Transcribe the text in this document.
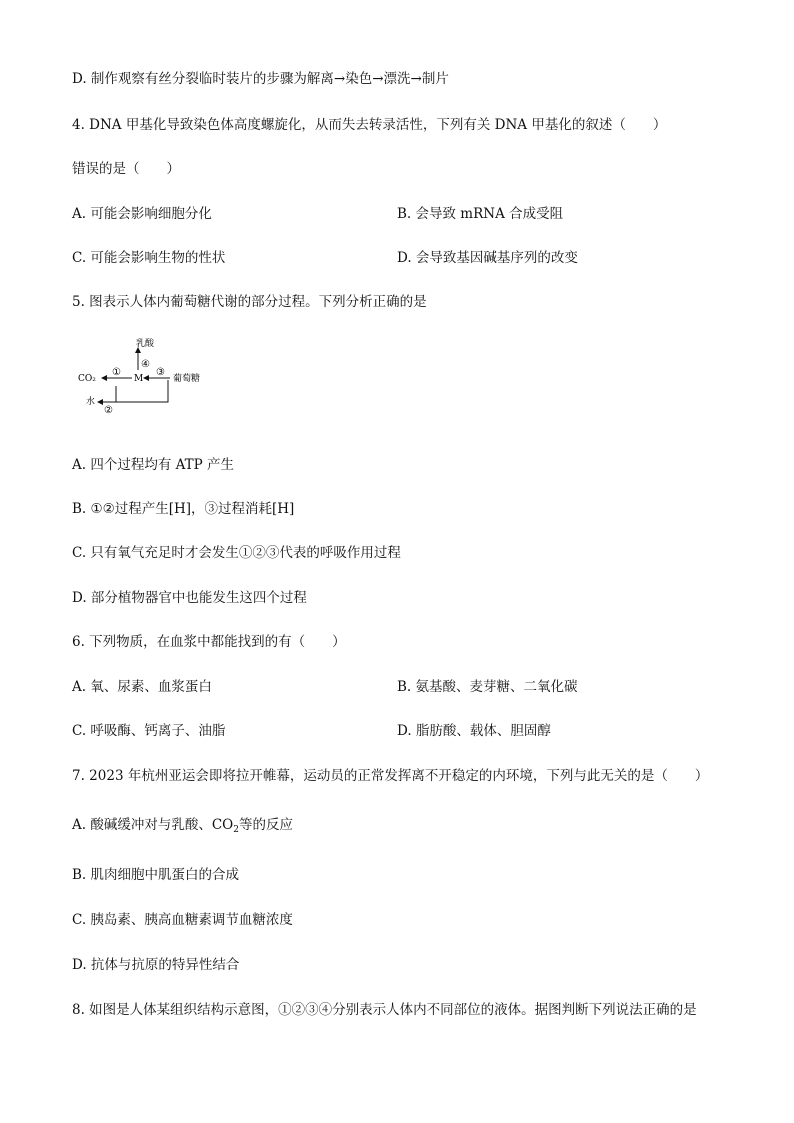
D. 制作观察有丝分裂临时装片的步骤为解离→染色→漂洗→制片
4. DNA 甲基化导致染色体高度螺旋化，从而失去转录活性，下列有关 DNA 甲基化的叙述（　　）
错误的是（　　）
A. 可能会影响细胞分化	B. 会导致 mRNA 合成受阻
C. 可能会影响生物的性状	D. 会导致基因碱基序列的改变
5. 图表示人体内葡萄糖代谢的部分过程。下列分析正确的是
CO₂	M	葡萄糖
乳酸
水
①
②
③
④
A. 四个过程均有 ATP 产生
B. ①②过程产生[H]，③过程消耗[H]
C. 只有氧气充足时才会发生①②③代表的呼吸作用过程
D. 部分植物器官中也能发生这四个过程
6. 下列物质，在血浆中都能找到的有（　　）
A. 氧、尿素、血浆蛋白	B. 氨基酸、麦芽糖、二氧化碳
C. 呼吸酶、钙离子、油脂	D. 脂肪酸、载体、胆固醇
7. 2023 年杭州亚运会即将拉开帷幕，运动员的正常发挥离不开稳定的内环境，下列与此无关的是（　　）
A. 酸碱缓冲对与乳酸、$CO_2$等的反应
B. 肌肉细胞中肌蛋白的合成
C. 胰岛素、胰高血糖素调节血糖浓度
D. 抗体与抗原的特异性结合
8. 如图是人体某组织结构示意图，①②③④分别表示人体内不同部位的液体。据图判断下列说法正确的是
